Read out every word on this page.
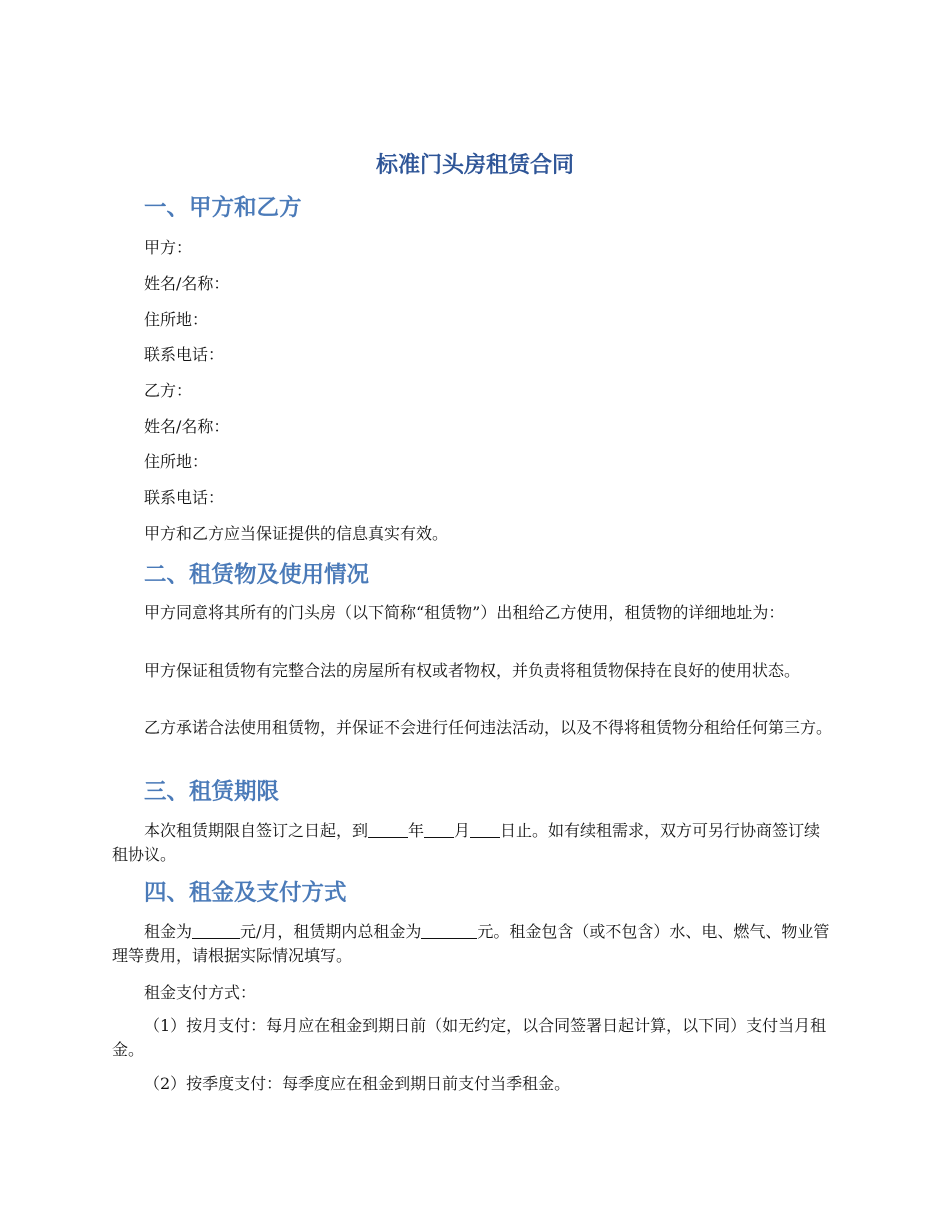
标准门头房租赁合同
一、甲方和乙方
甲方：
姓名/名称：
住所地：
联系电话：
乙方：
姓名/名称：
住所地：
联系电话：
甲方和乙方应当保证提供的信息真实有效。
二、租赁物及使用情况
甲方同意将其所有的门头房（以下简称“租赁物”）出租给乙方使用，租赁物的详细地址为：
甲方保证租赁物有完整合法的房屋所有权或者物权，并负责将租赁物保持在良好的使用状态。
乙方承诺合法使用租赁物，并保证不会进行任何违法活动，以及不得将租赁物分租给任何第三方。
三、租赁期限
本次租赁期限自签订之日起，到	年 月 日止。如有续租需求，双方可另行协商签订续租协议。
四、租金及支付方式
租金为	元/月，租赁期内总租金为	元。租金包含（或不包含）水、电、燃气、物业管理等费用，请根据实际情况填写。
租金支付方式：
（1）按月支付：每月应在租金到期日前（如无约定，以合同签署日起计算，以下同）支付当月租金。
（2）按季度支付：每季度应在租金到期日前支付当季租金。
